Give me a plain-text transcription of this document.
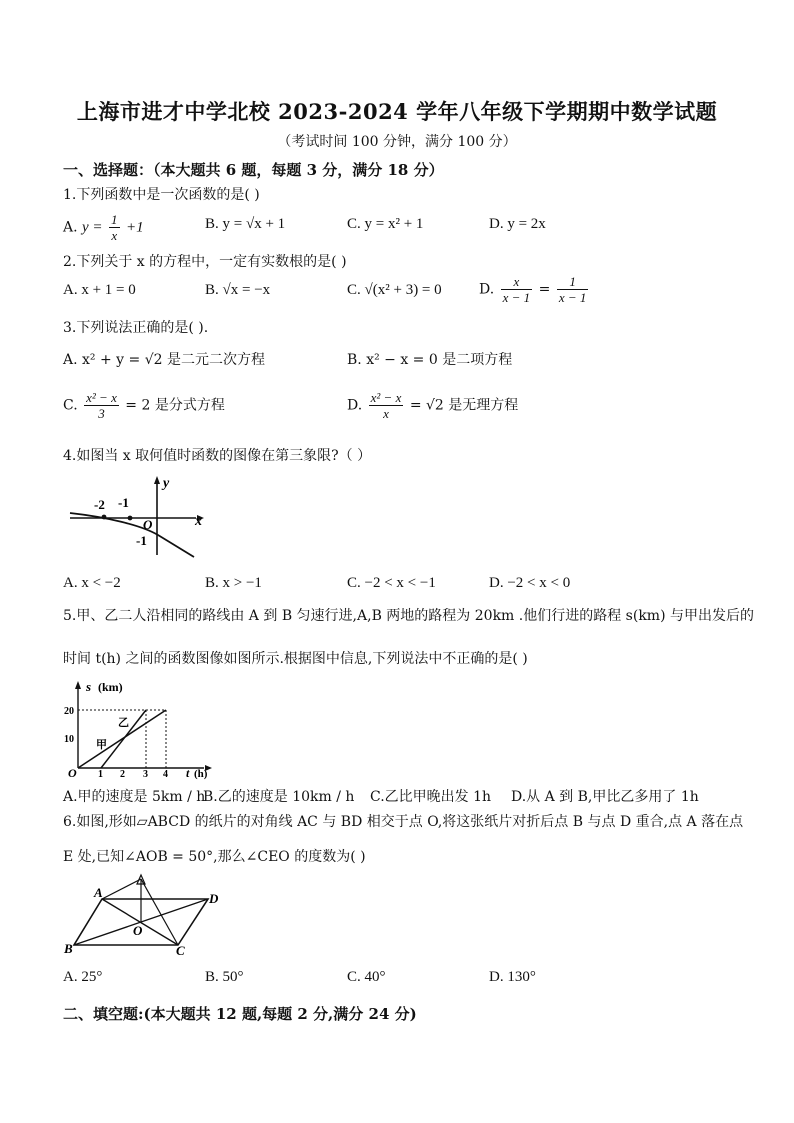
上海市进才中学北校 2023-2024 学年八年级下学期期中数学试题
（考试时间 100 分钟，满分 100 分）
一、选择题：（本大题共 6 题，每题 3 分，满分 18 分）
1.下列函数中是一次函数的是( )
A. $y = \frac{1}{x} +1$	B. y = √x + 1	C. y = x² + 1	D. y = 2x
2.下列关于 x 的方程中，一定有实数根的是( )
A. x + 1 = 0	B. √x = −x	C. √(x² + 3) = 0	D. $\frac{x}{x - 1} = \frac{1}{x - 1}$
3.下列说法正确的是( ).
A. x² + y = √2 是二元二次方程	B. x² − x = 0 是二项方程
C. $\frac{\text{x² − x}}{3} = 2$ 是分式方程	D. $\frac{\text{x² − x}}{x} = √2$ 是无理方程
4.如图当 x 取何值时函数的图像在第三象限?（ ）
-2 -1
O	x
y
-1
A. x < −2	B. x > −1	C. −2 < x < −1	D. −2 < x < 0
5.甲、乙二人沿相同的路线由 A 到 B 匀速行进,A,B 两地的路程为 20km .他们行进的路程 s(km) 与甲出发后的
时间 t(h) 之间的函数图像如图所示.根据图中信息,下列说法中不正确的是( )
s (km)
20
10
O 1 2 3 4 t (h)
乙
甲
A.甲的速度是 5km / h
B.乙的速度是 10km / h C.乙比甲晚出发 1h D.从 A 到 B,甲比乙多用了 1h
6.如图,形如▱ABCD 的纸片的对角线 AC 与 BD 相交于点 O,将这张纸片对折后点 B 与点 D 重合,点 A 落在点
E 处,已知∠AOB = 50°,那么∠CEO 的度数为( )
A
B	C
D
O
A. 25°	B. 50°	C. 40°	D. 130°
二、填空题:(本大题共 12 题,每题 2 分,满分 24 分)
